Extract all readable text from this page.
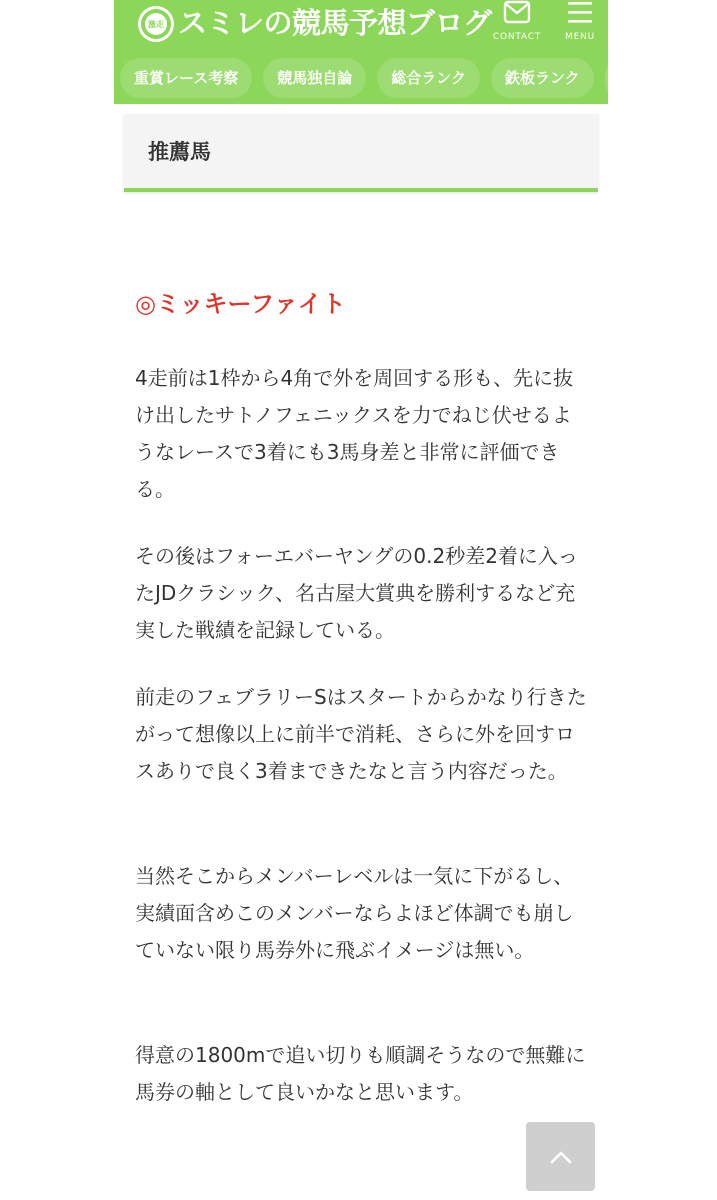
激走 スミレの競馬予想ブログ CONTACT	MENU
重賞レース考察	競馬独自論	総合ランク	鉄板ランク
推薦馬
◎ミッキーファイト

4走前は1枠から4角で外を周回する形も、先に抜け出したサトノフェニックスを力でねじ伏せるようなレースで3着にも3馬身差と非常に評価できる。

その後はフォーエバーヤングの0.2秒差2着に入ったJDクラシック、名古屋大賞典を勝利するなど充実した戦績を記録している。

前走のフェブラリーSはスタートからかなり行きたがって想像以上に前半で消耗、さらに外を回すロスありで良く3着まできたなと言う内容だった。

当然そこからメンバーレベルは一気に下がるし、実績面含めこのメンバーならよほど体調でも崩していない限り馬券外に飛ぶイメージは無い。

得意の1800mで追い切りも順調そうなので無難に馬券の軸として良いかなと思います。
